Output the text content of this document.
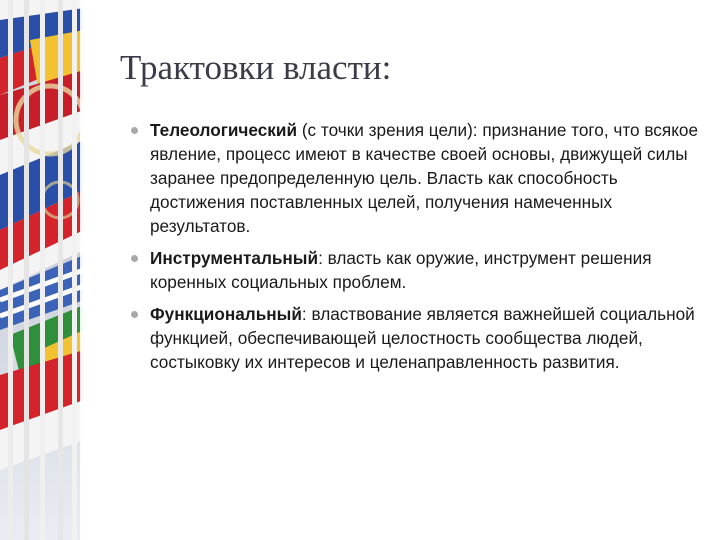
Трактовки власти:
Телеологический (с точки зрения цели): признание того, что всякое явление, процесс имеют в качестве своей основы, движущей силы заранее предопределенную цель. Власть как способность достижения поставленных целей, получения намеченных результатов.
Инструментальный: власть как оружие, инструмент решения коренных социальных проблем.
Функциональный: властвование является важнейшей социальной функцией, обеспечивающей целостность сообщества людей, состыковку их интересов и целенаправленность развития.
